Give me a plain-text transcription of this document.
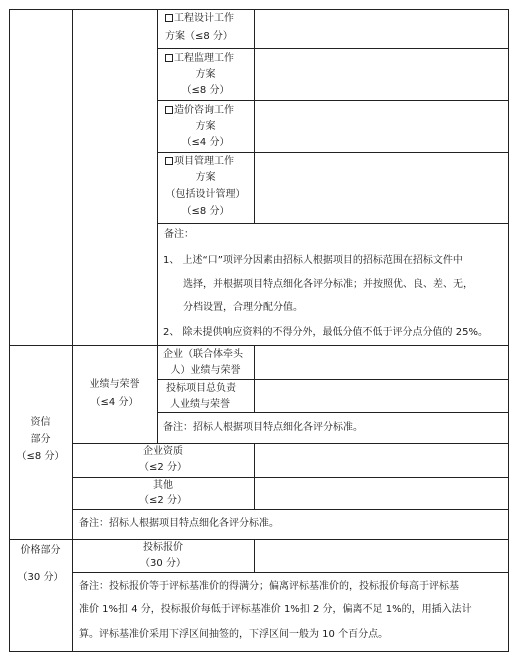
工程设计工作
方案（≤8 分）
工程监理工作
方案
（≤8 分）
造价咨询工作
方案
（≤4 分）
项目管理工作
方案
（包括设计管理）
（≤8 分）
备注：
1、 上述“口”项评分因素由招标人根据项目的招标范围在招标文件中
选择，并根据项目特点细化各评分标准；并按照优、良、差、无，
分档设置，合理分配分值。
2、 除未提供响应资料的不得分外，最低分值不低于评分点分值的 25%。
资信
部分
（≤8 分）
业绩与荣誉
（≤4 分）
企业（联合体牵头
人）业绩与荣誉
投标项目总负责
人业绩与荣誉
备注：招标人根据项目特点细化各评分标准。
企业资质
（≤2 分）
其他
（≤2 分）
备注：招标人根据项目特点细化各评分标准。
价格部分
（30 分）
投标报价
（30 分）
备注：投标报价等于评标基准价的得满分；偏离评标基准价的，投标报价每高于评标基
准价 1%扣 4 分，投标报价每低于评标基准价 1%扣 2 分，偏离不足 1%的，用插入法计
算。评标基准价采用下浮区间抽签的，下浮区间一般为 10 个百分点。
